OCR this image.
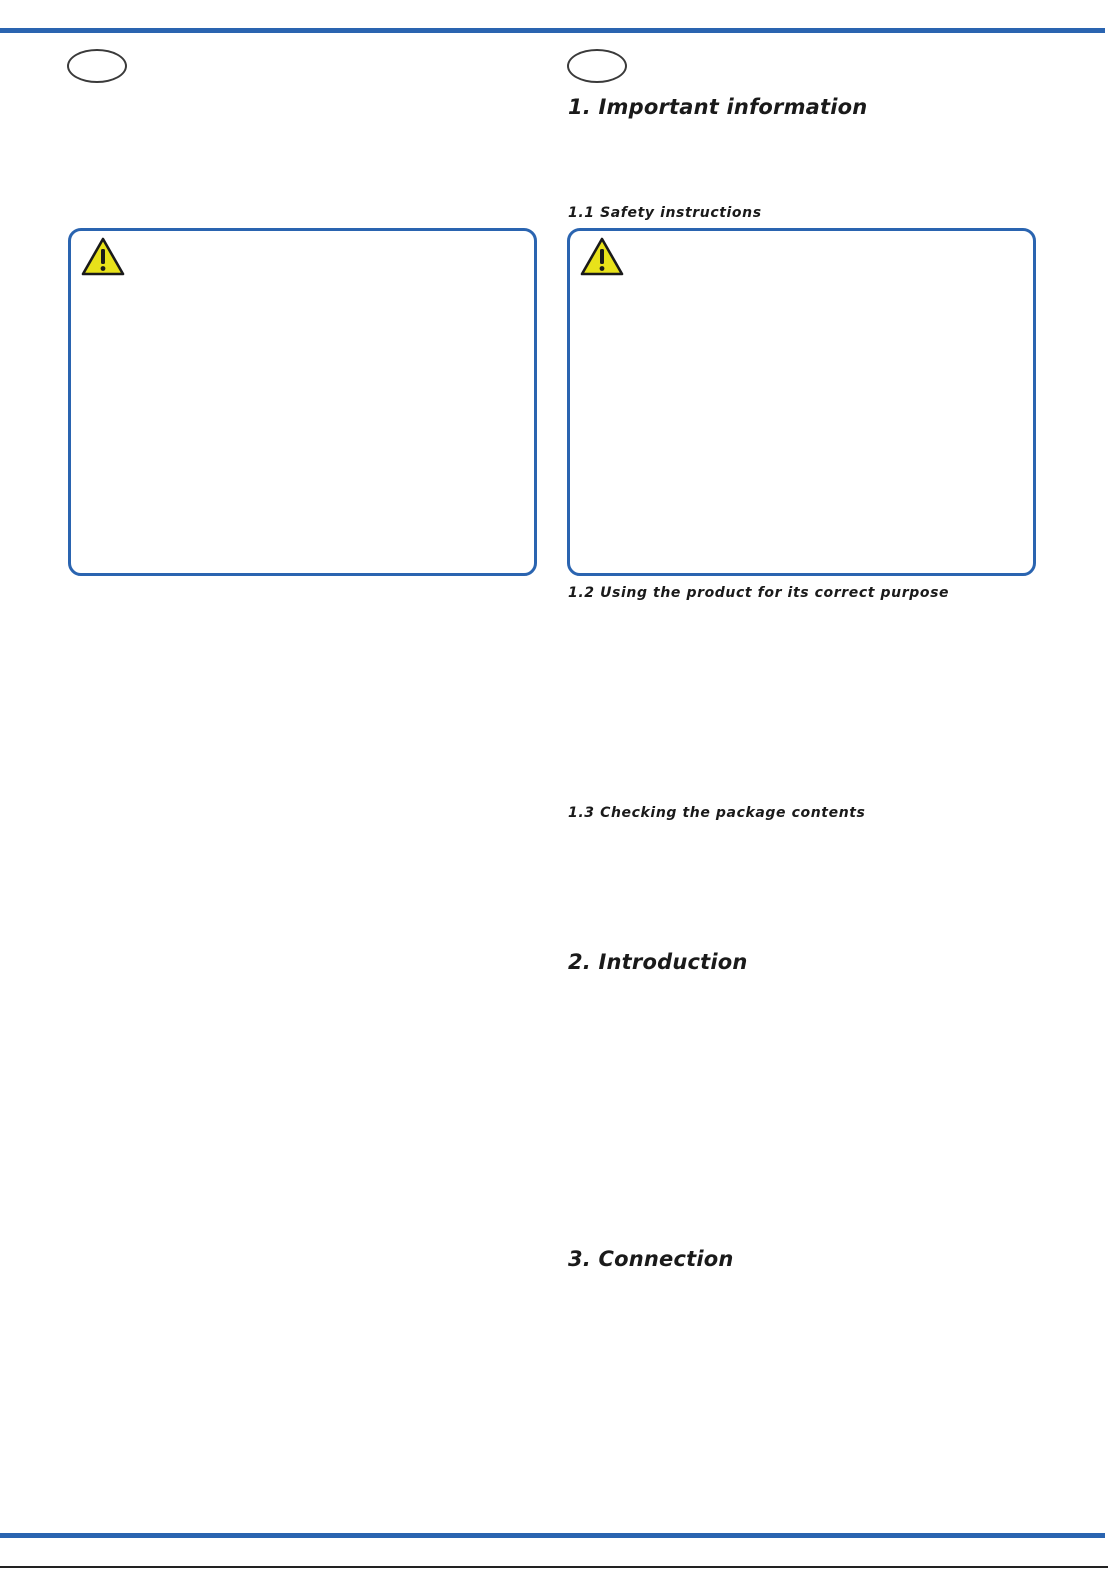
1. Important information
1.1 Safety instructions
1.2 Using the product for its correct purpose
1.3 Checking the package contents
2. Introduction
3. Connection
